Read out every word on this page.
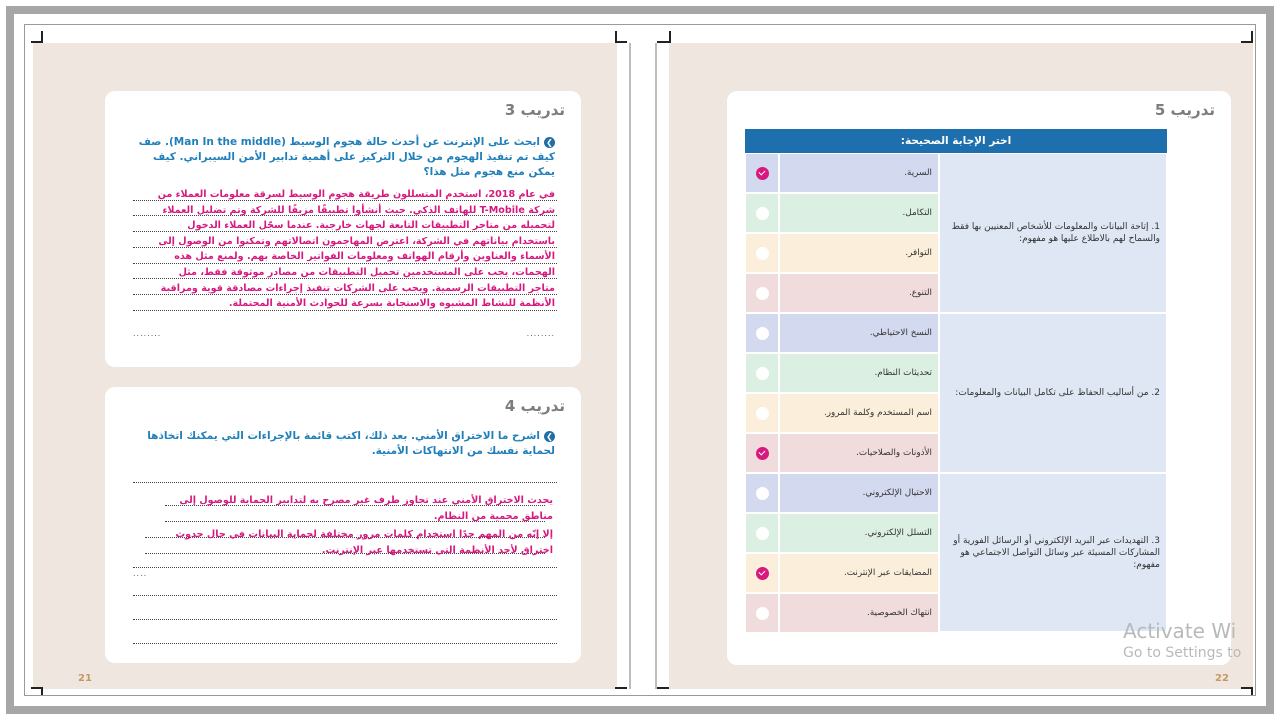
تدريب 3
❯ابحث على الإنترنت عن أحدث حالة هجوم الوسيط (Man In the middle). صف كيف تم تنفيذ الهجوم من خلال التركيز على أهمية تدابير الأمن السيبراني. كيف يمكن منع هجوم مثل هذا؟
في عام 2018، استخدم المتسللون طريقة هجوم الوسيط لسرقة معلومات العملاء من شركة T-Mobile للهاتف الذكي. حيث أنشأوا تطبيقًا مزيفًا للشركة وتم تضليل العملاء لتحميله من متاجر التطبيقات التابعة لجهات خارجية. عندما سجّل العملاء الدخول باستخدام بياناتهم في الشركة، اعترض المهاجمون اتصالاتهم وتمكنوا من الوصول إلى الأسماء والعناوين وأرقام الهواتف ومعلومات الفواتير الخاصة بهم. ولمنع مثل هذه الهجمات، يجب على المستخدمين تحميل التطبيقات من مصادر موثوقة فقط، مثل متاجر التطبيقات الرسمية. ويجب على الشركات تنفيذ إجراءات مصادقة قوية ومراقبة الأنظمة للنشاط المشبوه والاستجابة بسرعة للحوادث الأمنية المحتملة.
........	........
تدريب 4
❯اشرح ما الاختراق الأمني. بعد ذلك، اكتب قائمة بالإجراءات التي يمكنك اتخاذها لحماية نفسك من الانتهاكات الأمنية.
يحدث الاختراق الأمني عند تجاوز طرف غير مصرح به لتدابير الحماية للوصول إلى مناطق محمية من النظام.
إلا إنّه من المهم جدًا استخدام كلمات مرور مختلفة لحماية البيانات في حال حدوث اختراق لأحد الأنظمة التي تستخدمها عبر الإنترنت.
....
21
تدريب 5
22
اختر الإجابة الصحيحة:
1. إتاحة البيانات والمعلومات للأشخاص المعنيين بها فقط والسماح لهم بالاطلاع عليها هو مفهوم:
السرية.
التكامل.
التوافر.
التنوع.
2. من أساليب الحفاظ على تكامل البيانات والمعلومات:
النسخ الاحتياطي.
تحديثات النظام.
اسم المستخدم وكلمة المرور.
الأذونات والصلاحيات.
3. التهديدات عبر البريد الإلكتروني أو الرسائل الفورية أو المشاركات المسيئة عبر وسائل التواصل الاجتماعي هو مفهوم:
الاحتيال الإلكتروني.
التسلل الإلكتروني.
المضايقات عبر الإنترنت.
انتهاك الخصوصية.
Activate Wi
Go to Settings to
